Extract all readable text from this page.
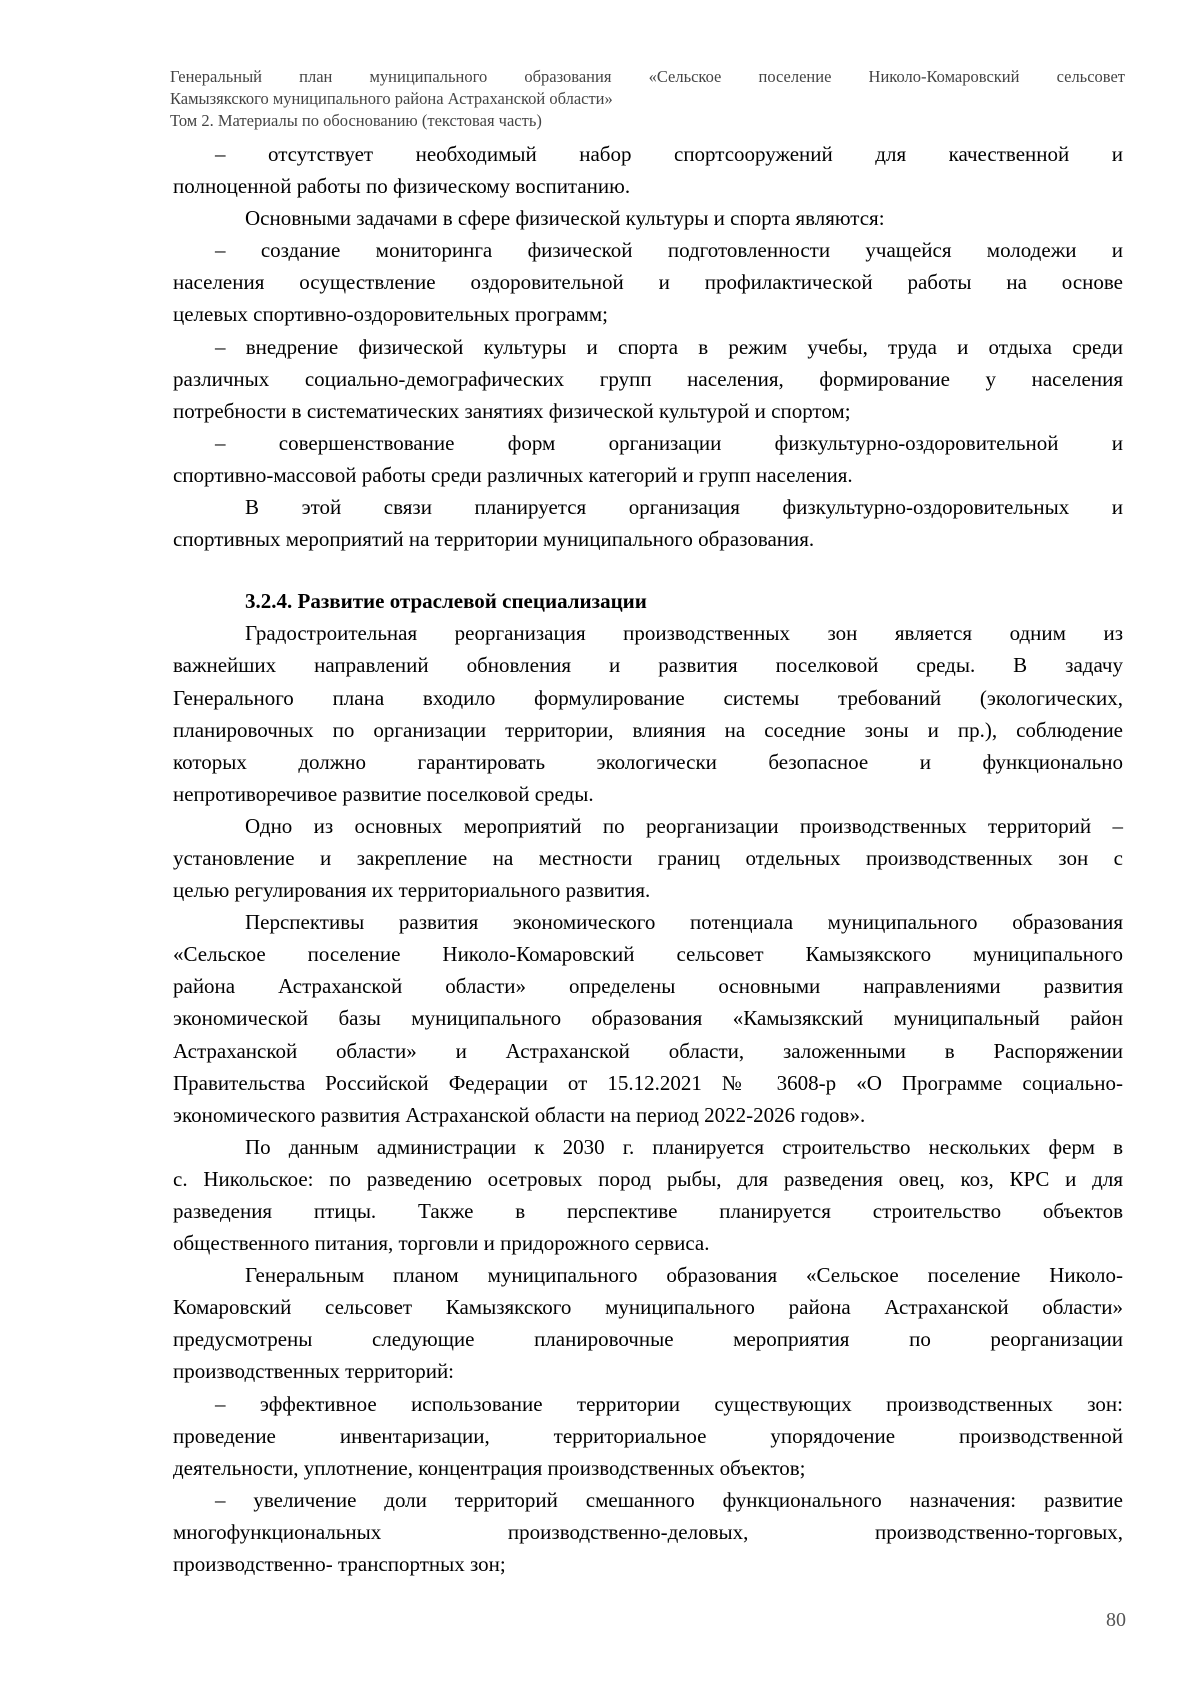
Генеральный план муниципального образования «Сельское поселение Николо-Комаровский сельсовет
Камызякского муниципального района Астраханской области»
Том 2. Материалы по обоснованию (текстовая часть)
– отсутствует необходимый набор спортсооружений для качественной и
полноценной работы по физическому воспитанию.
Основными задачами в сфере физической культуры и спорта являются:
– создание мониторинга физической подготовленности учащейся молодежи и
населения осуществление оздоровительной и профилактической работы на основе
целевых спортивно-оздоровительных программ;
– внедрение физической культуры и спорта в режим учебы, труда и отдыха среди
различных социально-демографических групп населения, формирование у населения
потребности в систематических занятиях физической культурой и спортом;
– совершенствование форм организации физкультурно-оздоровительной и
спортивно-массовой работы среди различных категорий и групп населения.
В этой связи планируется организация физкультурно-оздоровительных и
спортивных мероприятий на территории муниципального образования.
3.2.4. Развитие отраслевой специализации
Градостроительная реорганизация производственных зон является одним из
важнейших направлений обновления и развития поселковой среды. В задачу
Генерального плана входило формулирование системы требований (экологических,
планировочных по организации территории, влияния на соседние зоны и пр.), соблюдение
которых должно гарантировать экологически безопасное и функционально
непротиворечивое развитие поселковой среды.
Одно из основных мероприятий по реорганизации производственных территорий –
установление и закрепление на местности границ отдельных производственных зон с
целью регулирования их территориального развития.
Перспективы развития экономического потенциала муниципального образования
«Сельское поселение Николо-Комаровский сельсовет Камызякского муниципального
района Астраханской области» определены основными направлениями развития
экономической базы муниципального образования «Камызякский муниципальный район
Астраханской области» и Астраханской области, заложенными в Распоряжении
Правительства Российской Федерации от 15.12.2021 № 3608-р «О Программе социально-
экономического развития Астраханской области на период 2022-2026 годов».
По данным администрации к 2030 г. планируется строительство нескольких ферм в
с. Никольское: по разведению осетровых пород рыбы, для разведения овец, коз, КРС и для
разведения птицы. Также в перспективе планируется строительство объектов
общественного питания, торговли и придорожного сервиса.
Генеральным планом муниципального образования «Сельское поселение Николо-
Комаровский сельсовет Камызякского муниципального района Астраханской области»
предусмотрены следующие планировочные мероприятия по реорганизации
производственных территорий:
– эффективное использование территории существующих производственных зон:
проведение инвентаризации, территориальное упорядочение производственной
деятельности, уплотнение, концентрация производственных объектов;
– увеличение доли территорий смешанного функционального назначения: развитие
многофункциональных производственно-деловых, производственно-торговых,
производственно- транспортных зон;
80
